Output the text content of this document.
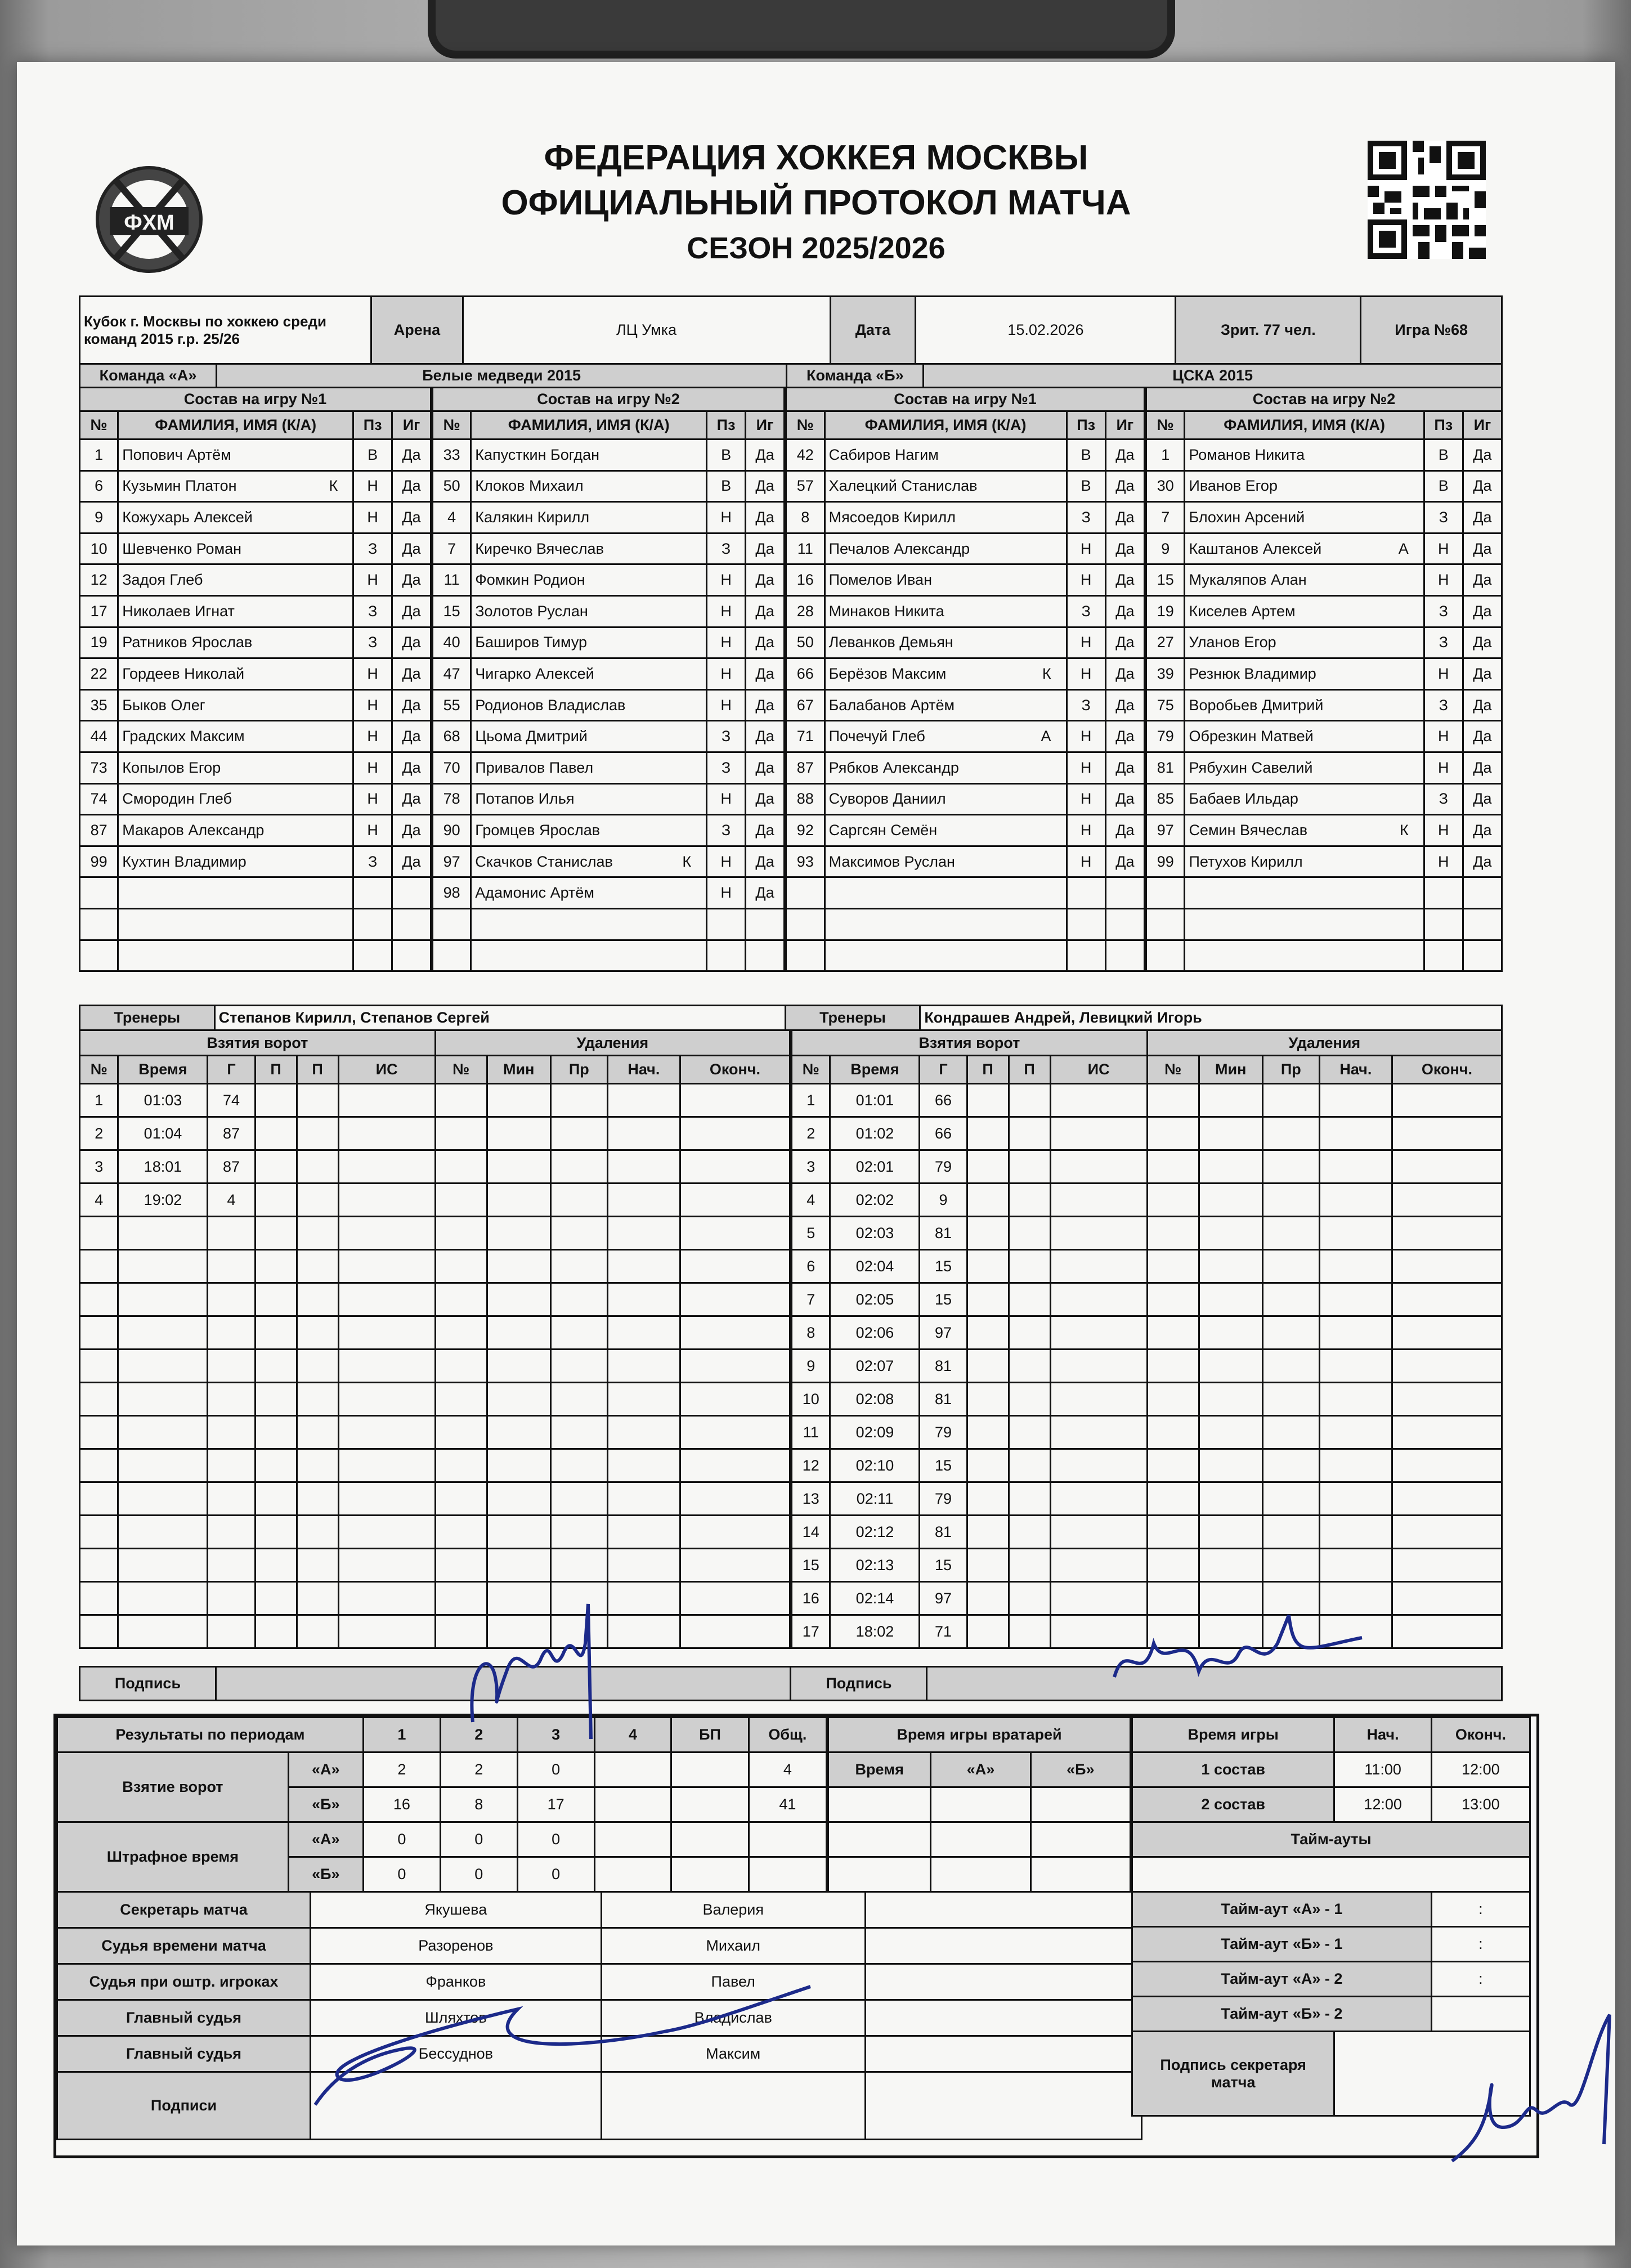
ФХМ
ФЕДЕРАЦИЯ ХОККЕЯ МОСКВЫ
ОФИЦИАЛЬНЫЙ ПРОТОКОЛ МАТЧА
СЕЗОН 2025/2026
Кубок г. Москвы по хоккею среди команд 2015 г.р. 25/26	Арена	ЛЦ Умка	Дата	15.02.2026	Зрит. 77 чел.	Игра №68
Команда «А»	Белые медведи 2015	Команда «Б»	ЦСКА 2015
Состав на игру №1			
№	ФАМИЛИЯ, ИМЯ (К/А)	Пз	Иг
1	Попович Артём	В	Да
6	Кузьмин Платон К	Н	Да
9	Кожухарь Алексей	Н	Да
10	Шевченко Роман	З	Да
12	Задоя Глеб	Н	Да
17	Николаев Игнат	З	Да
19	Ратников Ярослав	З	Да
22	Гордеев Николай	Н	Да
35	Быков Олег	Н	Да
44	Градских Максим	Н	Да
73	Копылов Егор	Н	Да
74	Смородин Глеб	Н	Да
87	Макаров Александр	Н	Да
99	Кухтин Владимир	З	Да

Состав на игру №2			
№	ФАМИЛИЯ, ИМЯ (К/А)	Пз	Иг
33	Капусткин Богдан	В	Да
50	Клоков Михаил	В	Да
4	Калякин Кирилл	Н	Да
7	Киречко Вячеслав	З	Да
11	Фомкин Родион	Н	Да
15	Золотов Руслан	Н	Да
40	Баширов Тимур	Н	Да
47	Чигарко Алексей	Н	Да
55	Родионов Владислав	Н	Да
68	Цьома Дмитрий	З	Да
70	Привалов Павел	З	Да
78	Потапов Илья	Н	Да
90	Громцев Ярослав	З	Да
97	Скачков Станислав К	Н	Да
98	Адамонис Артём	Н	Да

Состав на игру №1			
№	ФАМИЛИЯ, ИМЯ (К/А)	Пз	Иг
42	Сабиров Нагим	В	Да
57	Халецкий Станислав	В	Да
8	Мясоедов Кирилл	З	Да
11	Печалов Александр	Н	Да
16	Помелов Иван	Н	Да
28	Минаков Никита	З	Да
50	Леванков Демьян	Н	Да
66	Берёзов Максим К	Н	Да
67	Балабанов Артём	З	Да
71	Почечуй Глеб А	Н	Да
87	Рябков Александр	Н	Да
88	Суворов Даниил	Н	Да
92	Саргсян Семён	Н	Да
93	Максимов Руслан	Н	Да

Состав на игру №2			
№	ФАМИЛИЯ, ИМЯ (К/А)	Пз	Иг
1	Романов Никита	В	Да
30	Иванов Егор	В	Да
7	Блохин Арсений	З	Да
9	Каштанов Алексей А	Н	Да
15	Мукаляпов Алан	Н	Да
19	Киселев Артем	З	Да
27	Уланов Егор	З	Да
39	Резнюк Владимир	Н	Да
75	Воробьев Дмитрий	З	Да
79	Обрезкин Матвей	Н	Да
81	Рябухин Савелий	Н	Да
85	Бабаев Ильдар	З	Да
97	Семин Вячеслав К	Н	Да
99	Петухов Кирилл	Н	Да

Тренеры	Степанов Кирилл, Степанов Сергей	Тренеры	Кондрашев Андрей, Левицкий Игорь
Взятия ворот						Удаления				
№	Время	Г	П	П	ИС	№	Мин	Пр	Нач.	Оконч.
1	01:03	74								
2	01:04	87								
3	18:01	87								
4	19:02	4								

Взятия ворот						Удаления				
№	Время	Г	П	П	ИС	№	Мин	Пр	Нач.	Оконч.
1	01:01	66								
2	01:02	66								
3	02:01	79								
4	02:02	9								
5	02:03	81								
6	02:04	15								
7	02:05	15								
8	02:06	97								
9	02:07	81								
10	02:08	81								
11	02:09	79								
12	02:10	15								
13	02:11	79								
14	02:12	81								
15	02:13	15								
16	02:14	97								
17	18:02	71								
Подпись		Подпись	
Результаты по периодам		1	2	3	4	БП	Общ.
Взятие ворот	«А»	2	2	0			4
	«Б»	16	8	17			41
Штрафное время	«А»	0	0	0			
	«Б»	0	0	0			
Секретарь матча	Якушева	Валерия	
Судья времени матча	Разоренов	Михаил	
Судья при оштр. игроках	Франков	Павел	
Главный судья	Шляхтов	Владислав	
Главный судья	Бессуднов	Максим	
Подписи			
Время игры вратарей		
Время	«А»	«Б»

Время игры	Нач.	Оконч.
1 состав	11:00	12:00
2 состав	12:00	13:00
Тайм-ауты		

Тайм-аут «А» - 1		:
Тайм-аут «Б» - 1		:
Тайм-аут «А» - 2		:
Тайм-аут «Б» - 2		
Подпись секретаря матча		
